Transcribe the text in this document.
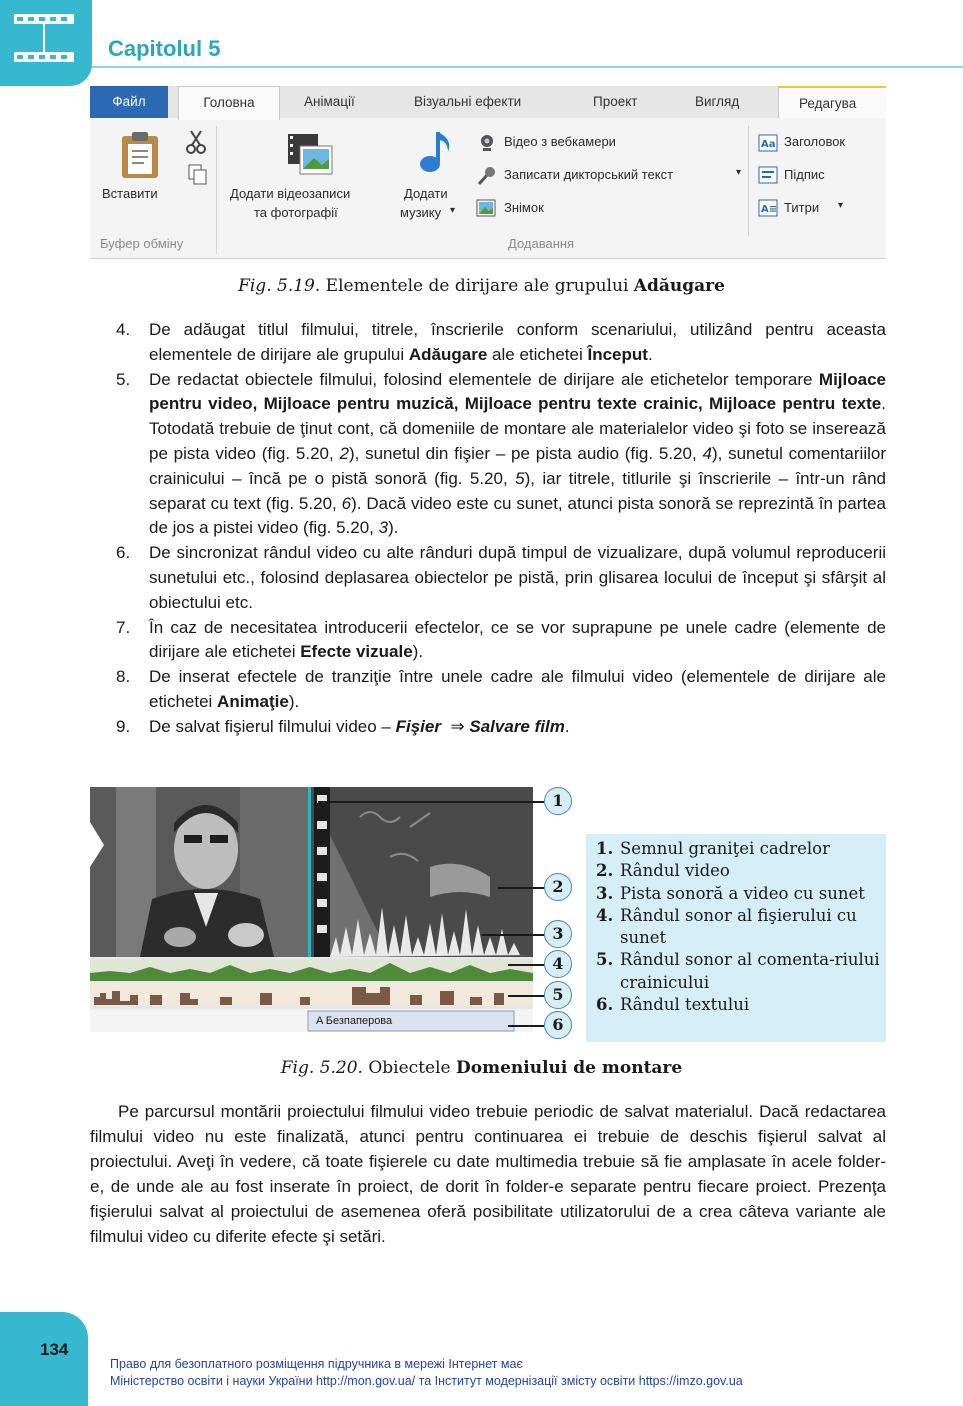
Capitolul 5
Файл	Головна	Анімації	Візуальні ефекти	Проект	Вигляд	Редагува
Вставити
Буфер обміну
Додати відеозаписи
та фотографії
Додати
музику ▾
Відео з вебкамери
Записати дикторський текст	▾
Знімок
Aa Заголовок
Підпис
A≡ Титри ▾
Додавання
Fig. 5.19. Elementele de dirijare ale grupului Adăugare
4. De adăugat titlul filmului, titrele, înscrierile conform scenariului, utilizând pentru aceasta elementele de dirijare ale grupului Adăugare ale etichetei Început.
5. De redactat obiectele filmului, folosind elementele de dirijare ale etichetelor temporare Mijloace pentru video, Mijloace pentru muzică, Mijloace pentru texte crainic, Mijloace pentru texte. Totodată trebuie de ţinut cont, că domeniile de montare ale materialelor video şi foto se inserează pe pista video (fig. 5.20, 2), sunetul din fişier – pe pista audio (fig. 5.20, 4), sunetul comentariilor crainicului – încă pe o pistă sonoră (fig. 5.20, 5), iar titrele, titlurile şi înscrierile – într-un rând separat cu text (fig. 5.20, 6). Dacă video este cu sunet, atunci pista sonoră se reprezintă în partea de jos a pistei video (fig. 5.20, 3).
6. De sincronizat rândul video cu alte rânduri după timpul de vizualizare, după volumul reproducerii sunetului etc., folosind deplasarea obiectelor pe pistă, prin glisarea locului de început şi sfârşit al obiectului etc.
7. În caz de necesitatea introducerii efectelor, ce se vor suprapune pe unele cadre (elemente de dirijare ale etichetei Efecte vizuale).
8. De inserat efectele de tranziţie între unele cadre ale filmului video (elementele de dirijare ale etichetei Animaţie).
9. De salvat fişierul filmului video – Fişier  ⇒ Salvare film.
A Безпаперова
1
2
3
4
5
6
1. Semnul graniţei cadrelor
2. Rândul video
3. Pista sonoră a video cu sunet
4. Rândul sonor al fişierului cu sunet
5. Rândul sonor al comenta-riului crainicului
6. Rândul textului
Fig. 5.20. Obiectele Domeniului de montare
Pe parcursul montării proiectului filmului video trebuie periodic de salvat materialul. Dacă redactarea filmului video nu este finalizată, atunci pentru continuarea ei trebuie de deschis fişierul salvat al proiectului. Aveţi în vedere, că toate fişierele cu date multimedia trebuie să fie amplasate în acele folder-e, de unde ale au fost inserate în proiect, de dorit în folder-e separate pentru fiecare proiect. Prezenţa fişierului salvat al proiectului de asemenea oferă posibilitate utilizatorului de a crea câteva variante ale filmului video cu diferite efecte şi setări.
134
Право для безоплатного розміщення підручника в мережі Інтернет має
Міністерство освіти і науки України http://mon.gov.ua/ та Інститут модернізації змісту освіти https://imzo.gov.ua
